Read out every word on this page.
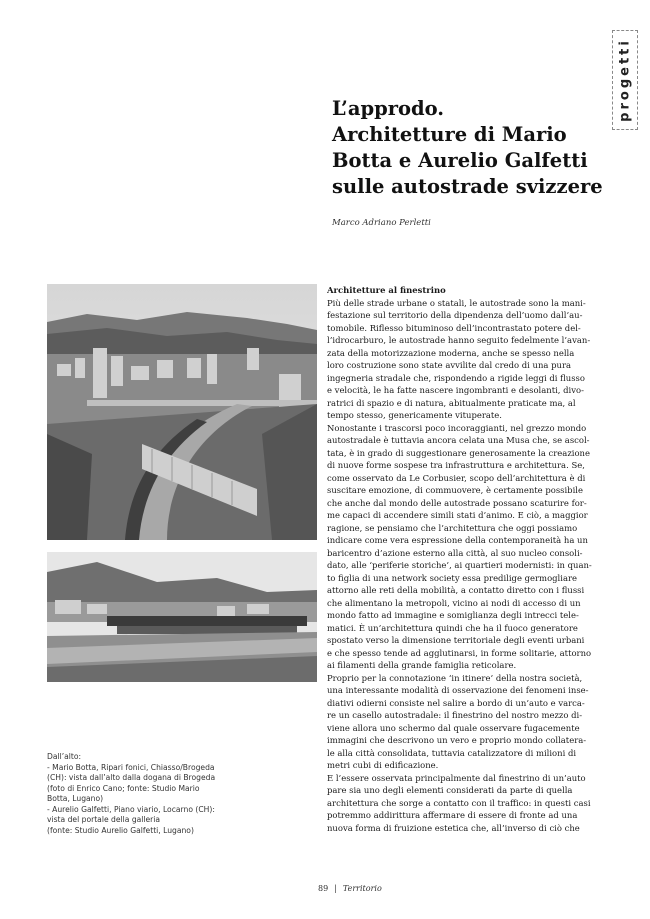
progetti
L’approdo.
Architetture di Mario
Botta e Aurelio Galfetti
sulle autostrade svizzere
Marco Adriano Perletti
Dall’alto:
- Mario Botta, Ripari fonici, Chiasso/Brogeda
(CH): vista dall’alto dalla dogana di Brogeda
(foto di Enrico Cano; fonte: Studio Mario
Botta, Lugano)
- Aurelio Galfetti, Piano viario, Locarno (CH):
vista del portale della galleria
(fonte: Studio Aurelio Galfetti, Lugano)
Architetture al finestrino
Più delle strade urbane o statali, le autostrade sono la mani-
festazione sul territorio della dipendenza dell’uomo dall’au-
tomobile. Riflesso bituminoso dell’incontrastato potere del-
l’idrocarburo, le autostrade hanno seguito fedelmente l’avan-
zata della motorizzazione moderna, anche se spesso nella
loro costruzione sono state avvilite dal credo di una pura
ingegneria stradale che, rispondendo a rigide leggi di flusso
e velocità, le ha fatte nascere ingombranti e desolanti, divo-
ratrici di spazio e di natura, abitualmente praticate ma, al
tempo stesso, genericamente vituperate.
Nonostante i trascorsi poco incoraggianti, nel grezzo mondo
autostradale è tuttavia ancora celata una Musa che, se ascol-
tata, è in grado di suggestionare generosamente la creazione
di nuove forme sospese tra infrastruttura e architettura. Se,
come osservato da Le Corbusier, scopo dell’architettura è di
suscitare emozione, di commuovere, è certamente possibile
che anche dal mondo delle autostrade possano scaturire for-
me capaci di accendere simili stati d’animo. E ciò, a maggior
ragione, se pensiamo che l’architettura che oggi possiamo
indicare come vera espressione della contemporaneità ha un
baricentro d’azione esterno alla città, al suo nucleo consoli-
dato, alle ‘periferie storiche’, ai quartieri modernisti: in quan-
to figlia di una network society essa predilige germogliare
attorno alle reti della mobilità, a contatto diretto con i flussi
che alimentano la metropoli, vicino ai nodi di accesso di un
mondo fatto ad immagine e somiglianza degli intrecci tele-
matici. È un’architettura quindi che ha il fuoco generatore
spostato verso la dimensione territoriale degli eventi urbani
e che spesso tende ad agglutinarsi, in forme solitarie, attorno
ai filamenti della grande famiglia reticolare.
Proprio per la connotazione ‘in itinere’ della nostra società,
una interessante modalità di osservazione dei fenomeni inse-
diativi odierni consiste nel salire a bordo di un’auto e varca-
re un casello autostradale: il finestrino del nostro mezzo di-
viene allora uno schermo dal quale osservare fugacemente
immagini che descrivono un vero e proprio mondo collatera-
le alla città consolidata, tuttavia catalizzatore di milioni di
metri cubi di edificazione.
E l’essere osservata principalmente dal finestrino di un’auto
pare sia uno degli elementi considerati da parte di quella
architettura che sorge a contatto con il traffico: in questi casi
potremmo addirittura affermare di essere di fronte ad una
nuova forma di fruizione estetica che, all’inverso di ciò che
89 | Territorio
